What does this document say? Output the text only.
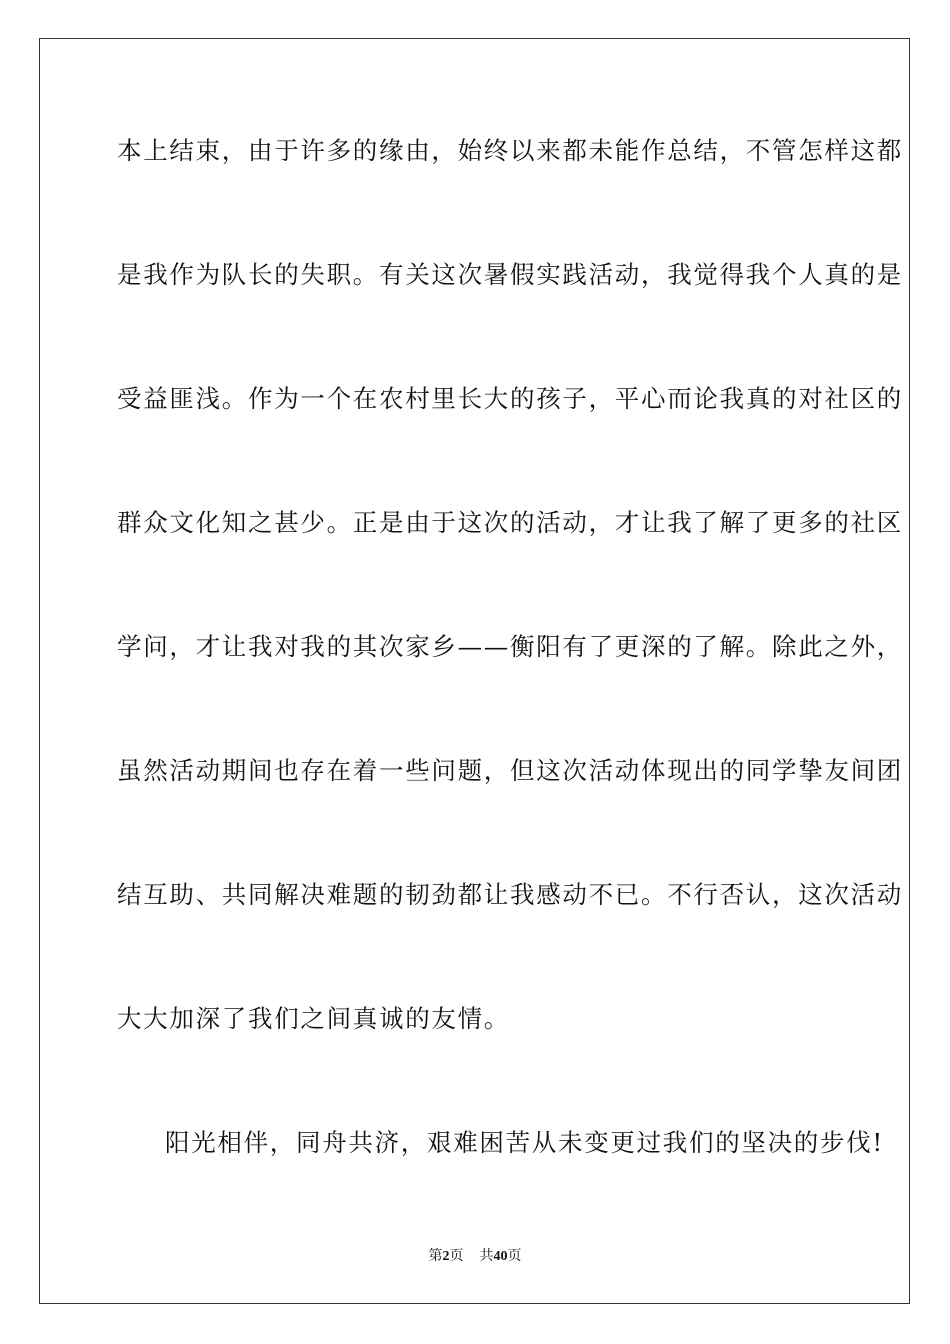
本上结束，由于许多的缘由，始终以来都未能作总结，不管怎样这都
是我作为队长的失职。有关这次暑假实践活动，我觉得我个人真的是
受益匪浅。作为一个在农村里长大的孩子，平心而论我真的对社区的
群众文化知之甚少。正是由于这次的活动，才让我了解了更多的社区
学问，才让我对我的其次家乡——衡阳有了更深的了解。除此之外，
虽然活动期间也存在着一些问题，但这次活动体现出的同学挚友间团
结互助、共同解决难题的韧劲都让我感动不已。不行否认，这次活动
大大加深了我们之间真诚的友情。
阳光相伴，同舟共济，艰难困苦从未变更过我们的坚决的步伐!
第2页 共40页
